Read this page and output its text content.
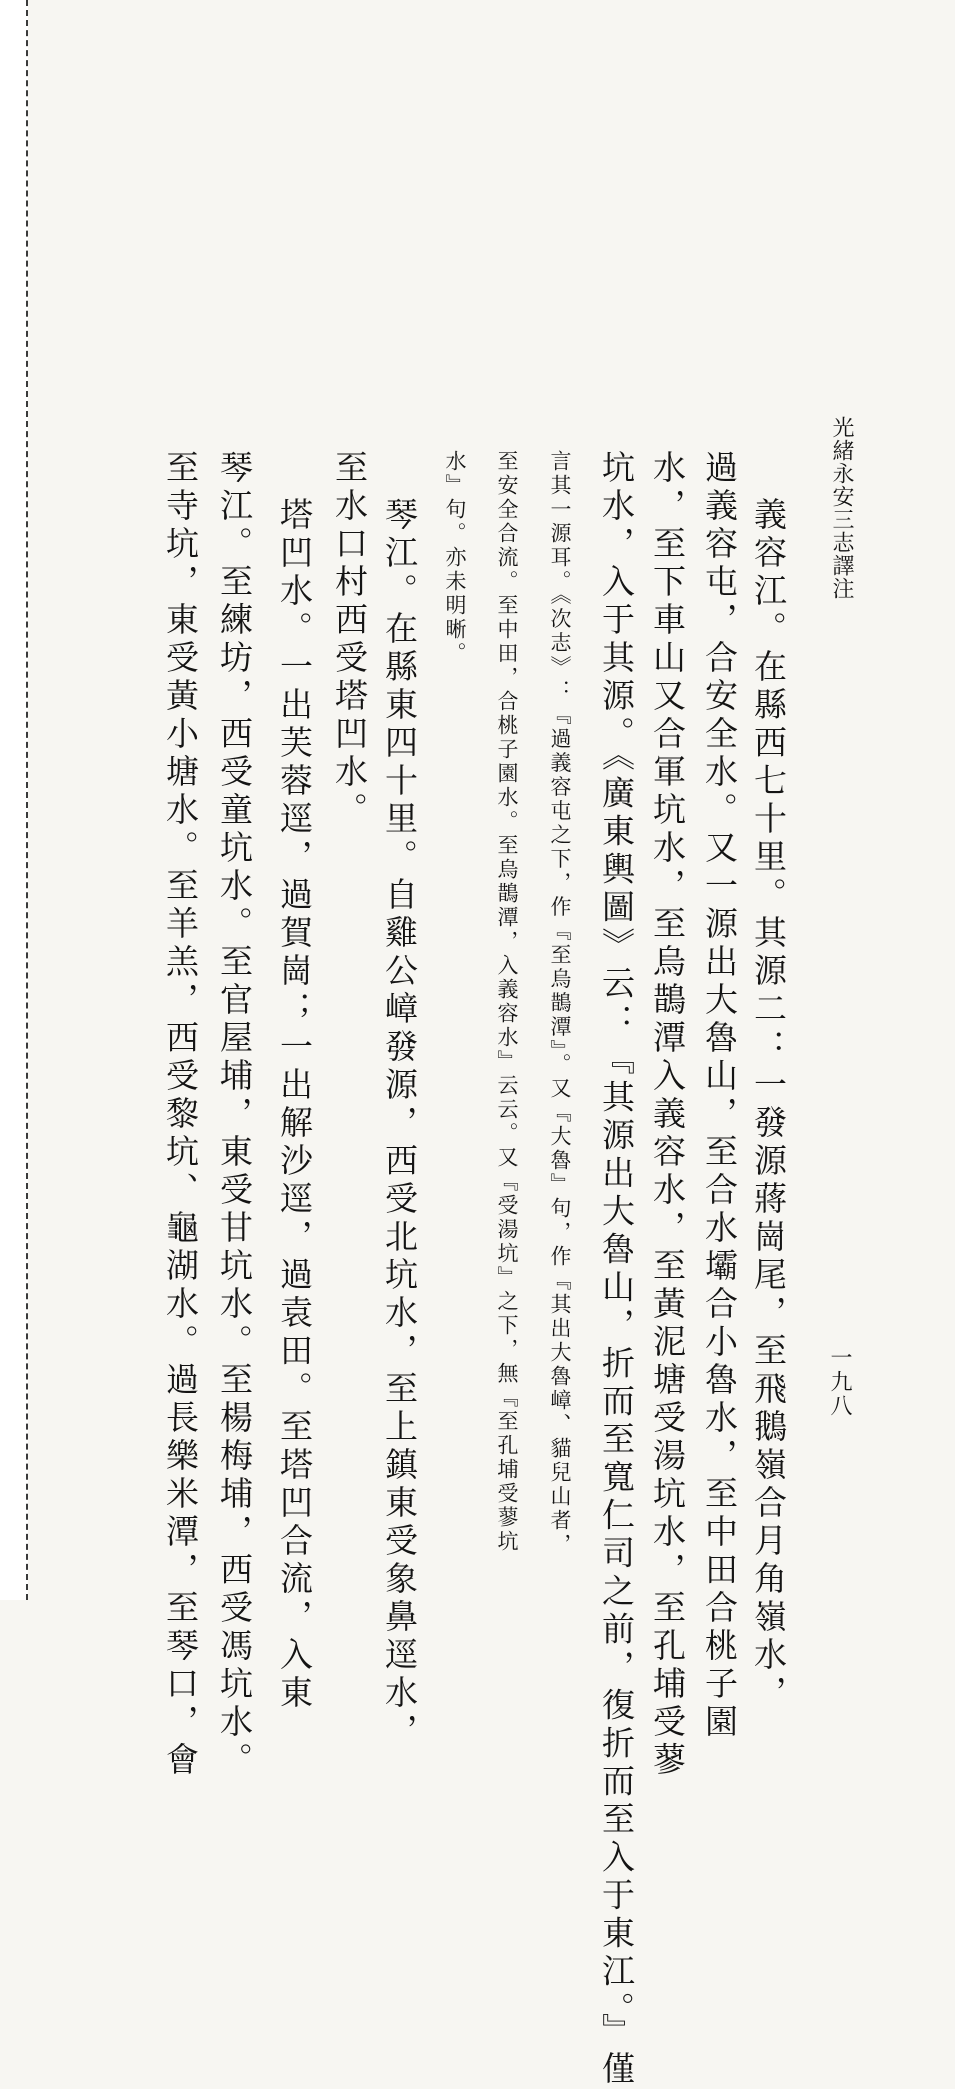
光緒永安三志譯注
一九八
義容江。在縣西七十里。其源二：一發源蔣崗尾，至飛鵝嶺合月角嶺水，
過義容屯，合安全水。又一源出大魯山，至合水壩合小魯水，至中田合桃子園
水，至下車山又合軍坑水，至烏鵲潭入義容水，至黃泥塘受湯坑水，至孔埔受蓼
坑水，入于其源。《廣東輿圖》云：『其源出大魯山，折而至寬仁司之前，復折而至入于東江。』僅
言其一源耳。《次志》：『過義容屯之下，作『至烏鵲潭』。又『大魯』句，作『其出大魯嶂、貓兒山者，
至安全合流。至中田，合桃子園水。至烏鵲潭，入義容水』云云。又『受湯坑』之下，無『至孔埔受蓼坑
水』句。亦未明晰。
琴江。在縣東四十里。自雞公嶂發源，西受北坑水，至上鎮東受象鼻逕水，
至水口村西受塔凹水。
塔凹水。一出芙蓉逕，過賀崗；一出解沙逕，過袁田。至塔凹合流，入東
琴江。至練坊，西受童坑水。至官屋埔，東受甘坑水。至楊梅埔，西受馮坑水。
至寺坑，東受黃小塘水。至羊羔，西受黎坑、龜湖水。過長樂米潭，至琴口，會
